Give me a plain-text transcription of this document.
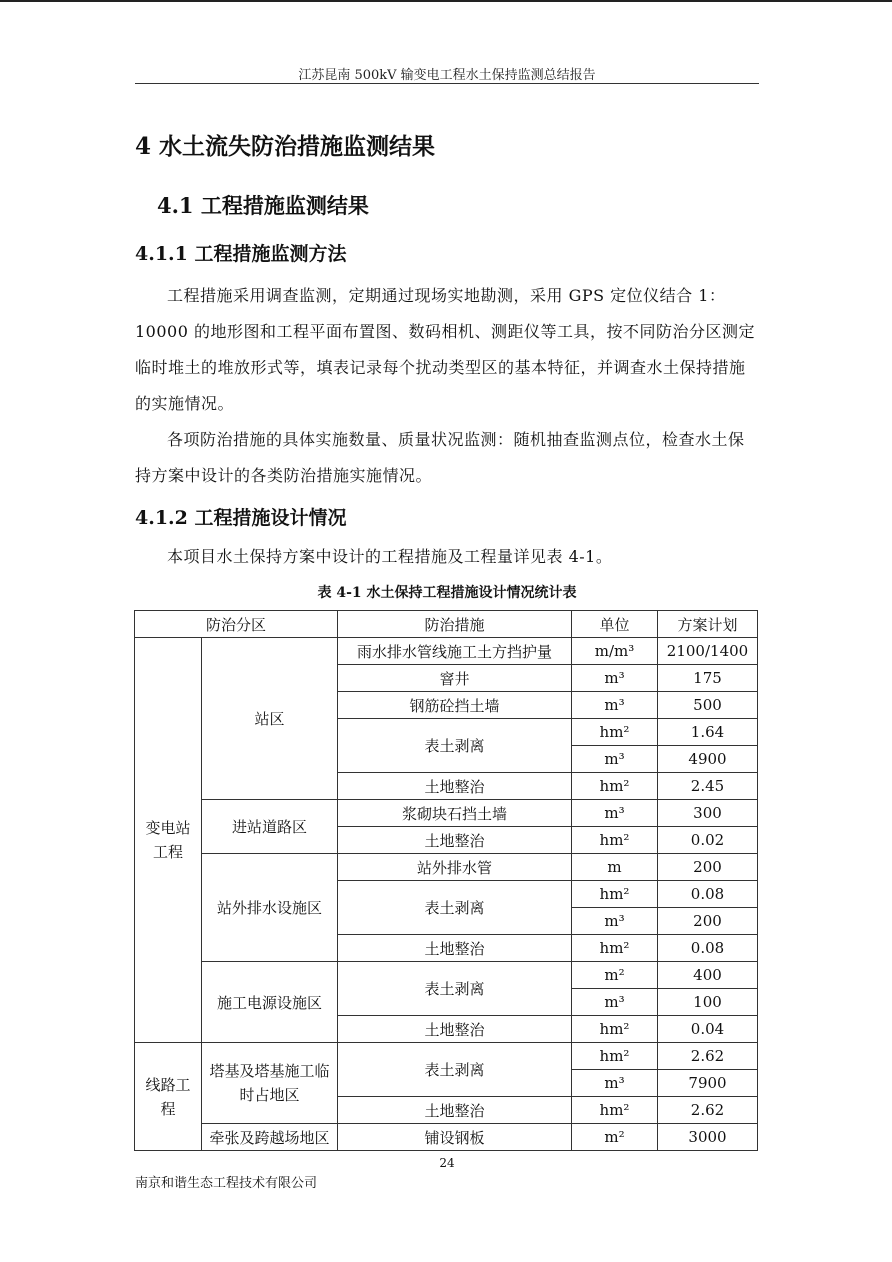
江苏昆南 500kV 输变电工程水土保持监测总结报告
4 水土流失防治措施监测结果
4.1 工程措施监测结果
4.1.1 工程措施监测方法
工程措施采用调查监测，定期通过现场实地勘测，采用 GPS 定位仪结合 1：10000 的地形图和工程平面布置图、数码相机、测距仪等工具，按不同防治分区测定临时堆土的堆放形式等，填表记录每个扰动类型区的基本特征，并调查水土保持措施的实施情况。
各项防治措施的具体实施数量、质量状况监测：随机抽查监测点位，检查水土保持方案中设计的各类防治措施实施情况。
4.1.2 工程措施设计情况
本项目水土保持方案中设计的工程措施及工程量详见表 4-1。
表 4-1 水土保持工程措施设计情况统计表
防治分区		防治措施	单位	方案计划

变电站工程	站区	雨水排水管线施工土方挡护量	m/m³	2100/1400
		窨井	m³	175
		钢筋砼挡土墙	m³	500
		表土剥离	hm²	1.64
			m³	4900
		土地整治	hm²	2.45
	进站道路区	浆砌块石挡土墙	m³	300
		土地整治	hm²	0.02
	站外排水设施区	站外排水管	m	200
		表土剥离	hm²	0.08
			m³	200
		土地整治	hm²	0.08
	施工电源设施区	表土剥离	m²	400
			m³	100
		土地整治	hm²	0.04

线路工程	塔基及塔基施工临时占地区	表土剥离	hm²	2.62
			m³	7900
		土地整治	hm²	2.62
	牵张及跨越场地区	铺设钢板	m²	3000
24
南京和谐生态工程技术有限公司
